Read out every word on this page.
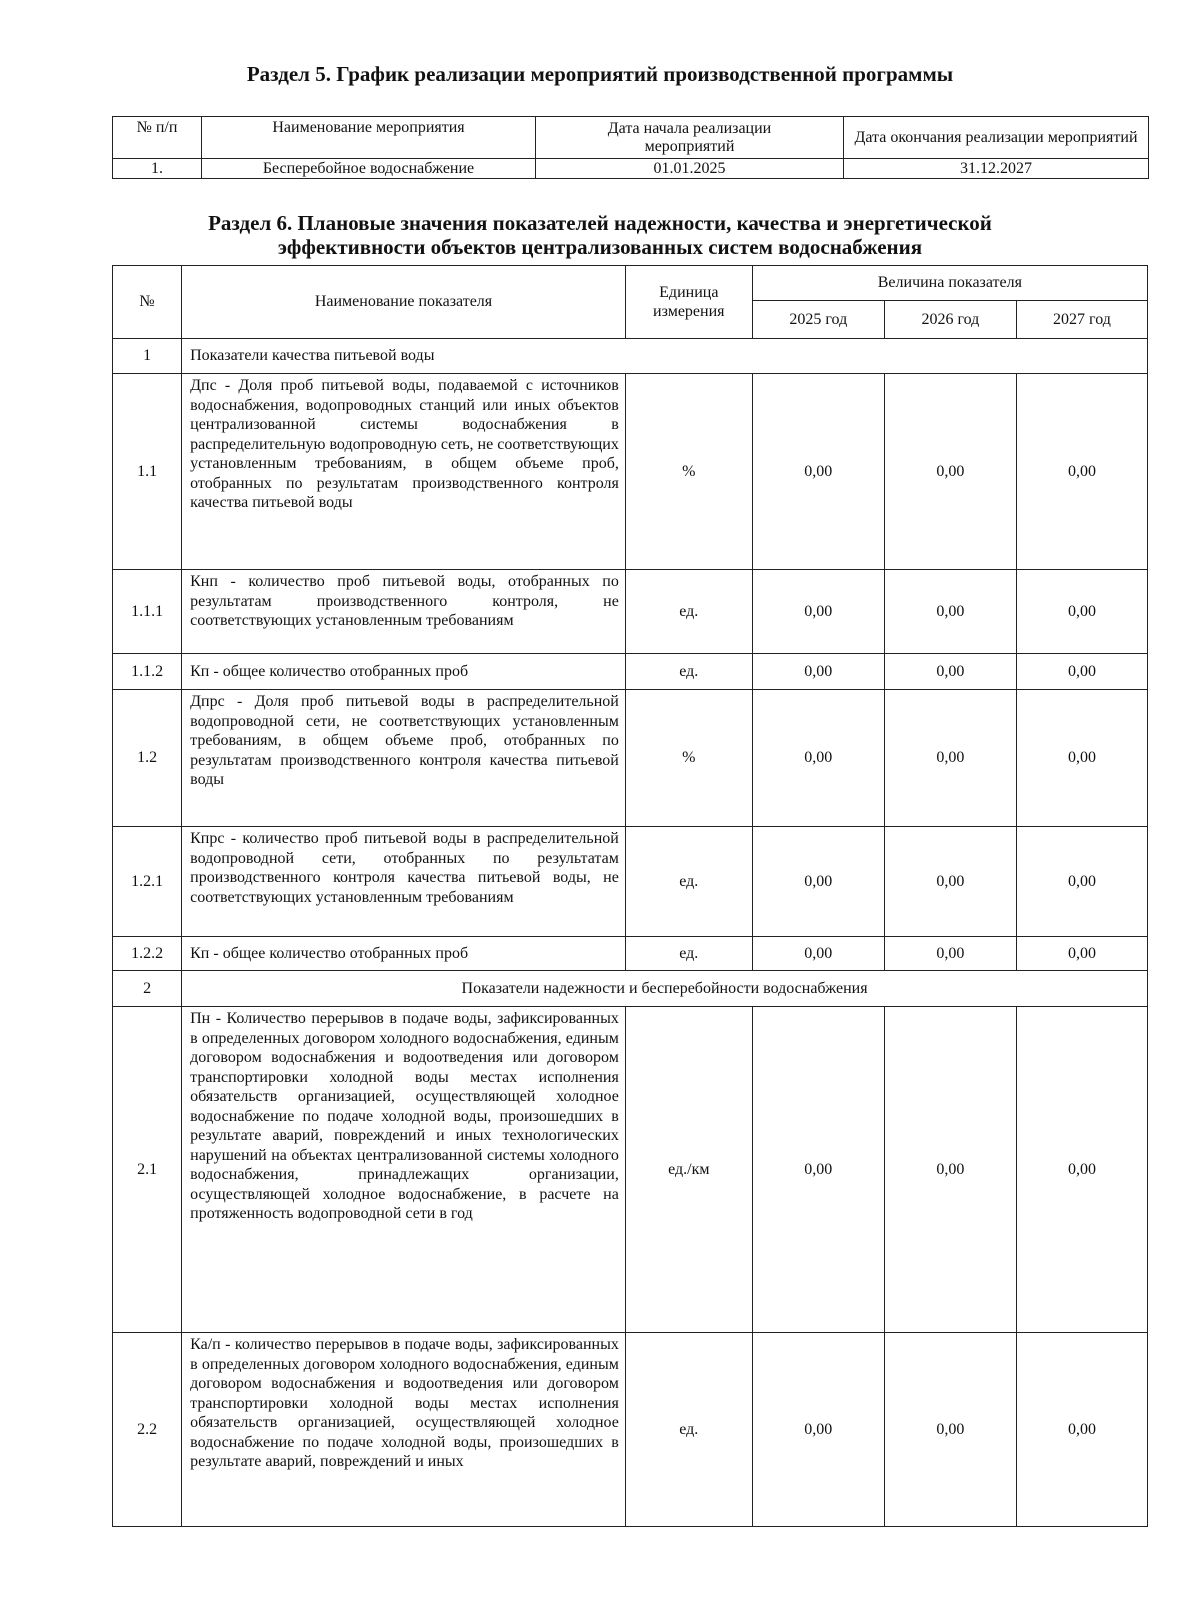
Раздел 5. График реализации мероприятий производственной программы
№ п/п	Наименование мероприятия	Дата начала реализации мероприятий	Дата окончания реализации мероприятий
1.	Бесперебойное водоснабжение	01.01.2025	31.12.2027
Раздел 6. Плановые значения показателей надежности, качества и энергетической
эффективности объектов централизованных систем водоснабжения
№	Наименование показателя	Единица измерения	Величина показателя		
			2025 год	2026 год	2027 год
1	Показатели качества питьевой воды				
1.1	Дпс - Доля проб питьевой воды, подаваемой с источников водоснабжения, водопроводных станций или иных объектов централизованной системы водоснабжения в распределительную водопроводную сеть, не соответствующих установленным требованиям, в общем объеме проб, отобранных по результатам производственного контроля качества питьевой воды	%	0,00	0,00	0,00
1.1.1	Кнп - количество проб питьевой воды, отобранных по результатам производственного контроля, не соответствующих установленным требованиям	ед.	0,00	0,00	0,00
1.1.2	Кп - общее количество отобранных проб	ед.	0,00	0,00	0,00
1.2	Дпрс - Доля проб питьевой воды в распределительной водопроводной сети, не соответствующих установленным требованиям, в общем объеме проб, отобранных по результатам производственного контроля качества питьевой воды	%	0,00	0,00	0,00
1.2.1	Кпрс - количество проб питьевой воды в распределительной водопроводной сети, отобранных по результатам производственного контроля качества питьевой воды, не соответствующих установленным требованиям	ед.	0,00	0,00	0,00
1.2.2	Кп - общее количество отобранных проб	ед.	0,00	0,00	0,00
2	Показатели надежности и бесперебойности водоснабжения				
2.1	Пн - Количество перерывов в подаче воды, зафиксированных в определенных договором холодного водоснабжения, единым договором водоснабжения и водоотведения или договором транспортировки холодной воды местах исполнения обязательств организацией, осуществляющей холодное водоснабжение по подаче холодной воды, произошедших в результате аварий, повреждений и иных технологических нарушений на объектах централизованной системы холодного водоснабжения, принадлежащих организации, осуществляющей холодное водоснабжение, в расчете на протяженность водопроводной сети в год	ед./км	0,00	0,00	0,00
2.2	Ка/п - количество перерывов в подаче воды, зафиксированных в определенных договором холодного водоснабжения, единым договором водоснабжения и водоотведения или договором транспортировки холодной воды местах исполнения обязательств организацией, осуществляющей холодное водоснабжение по подаче холодной воды, произошедших в результате аварий, повреждений и иных	ед.	0,00	0,00	0,00
